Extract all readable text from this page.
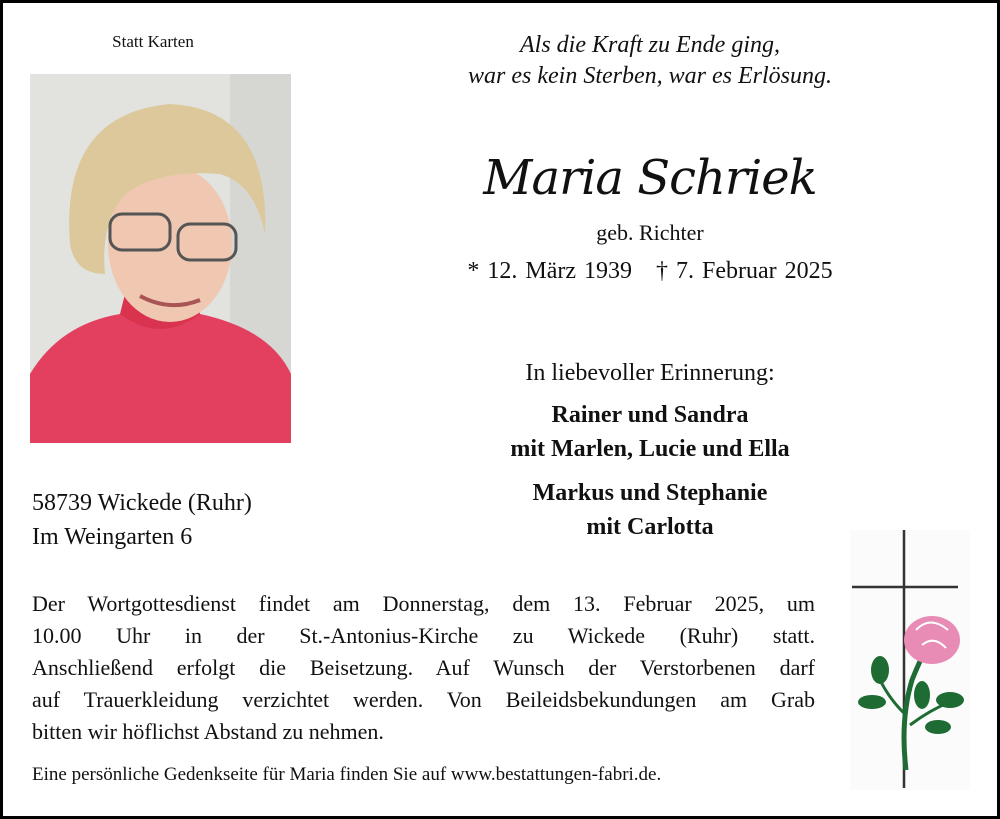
Statt Karten	Als die Kraft zu Ende ging,
war es kein Sterben, war es Erlösung.
Maria Schriek
geb. Richter
* 12. März 1939   † 7. Februar 2025
In liebevoller Erinnerung:
Rainer und Sandra
mit Marlen, Lucie und Ella
Markus und Stephanie
mit Carlotta
58739 Wickede (Ruhr)
Im Weingarten 6
Der Wortgottesdienst findet am Donnerstag, dem 13. Februar 2025, um
10.00 Uhr in der St.-Antonius-Kirche zu Wickede (Ruhr) statt.
Anschließend erfolgt die Beisetzung. Auf Wunsch der Verstorbenen darf
auf Trauerkleidung verzichtet werden. Von Beileidsbekundungen am Grab
bitten wir höflichst Abstand zu nehmen.
Eine persönliche Gedenkseite für Maria finden Sie auf www.bestattungen-fabri.de.
